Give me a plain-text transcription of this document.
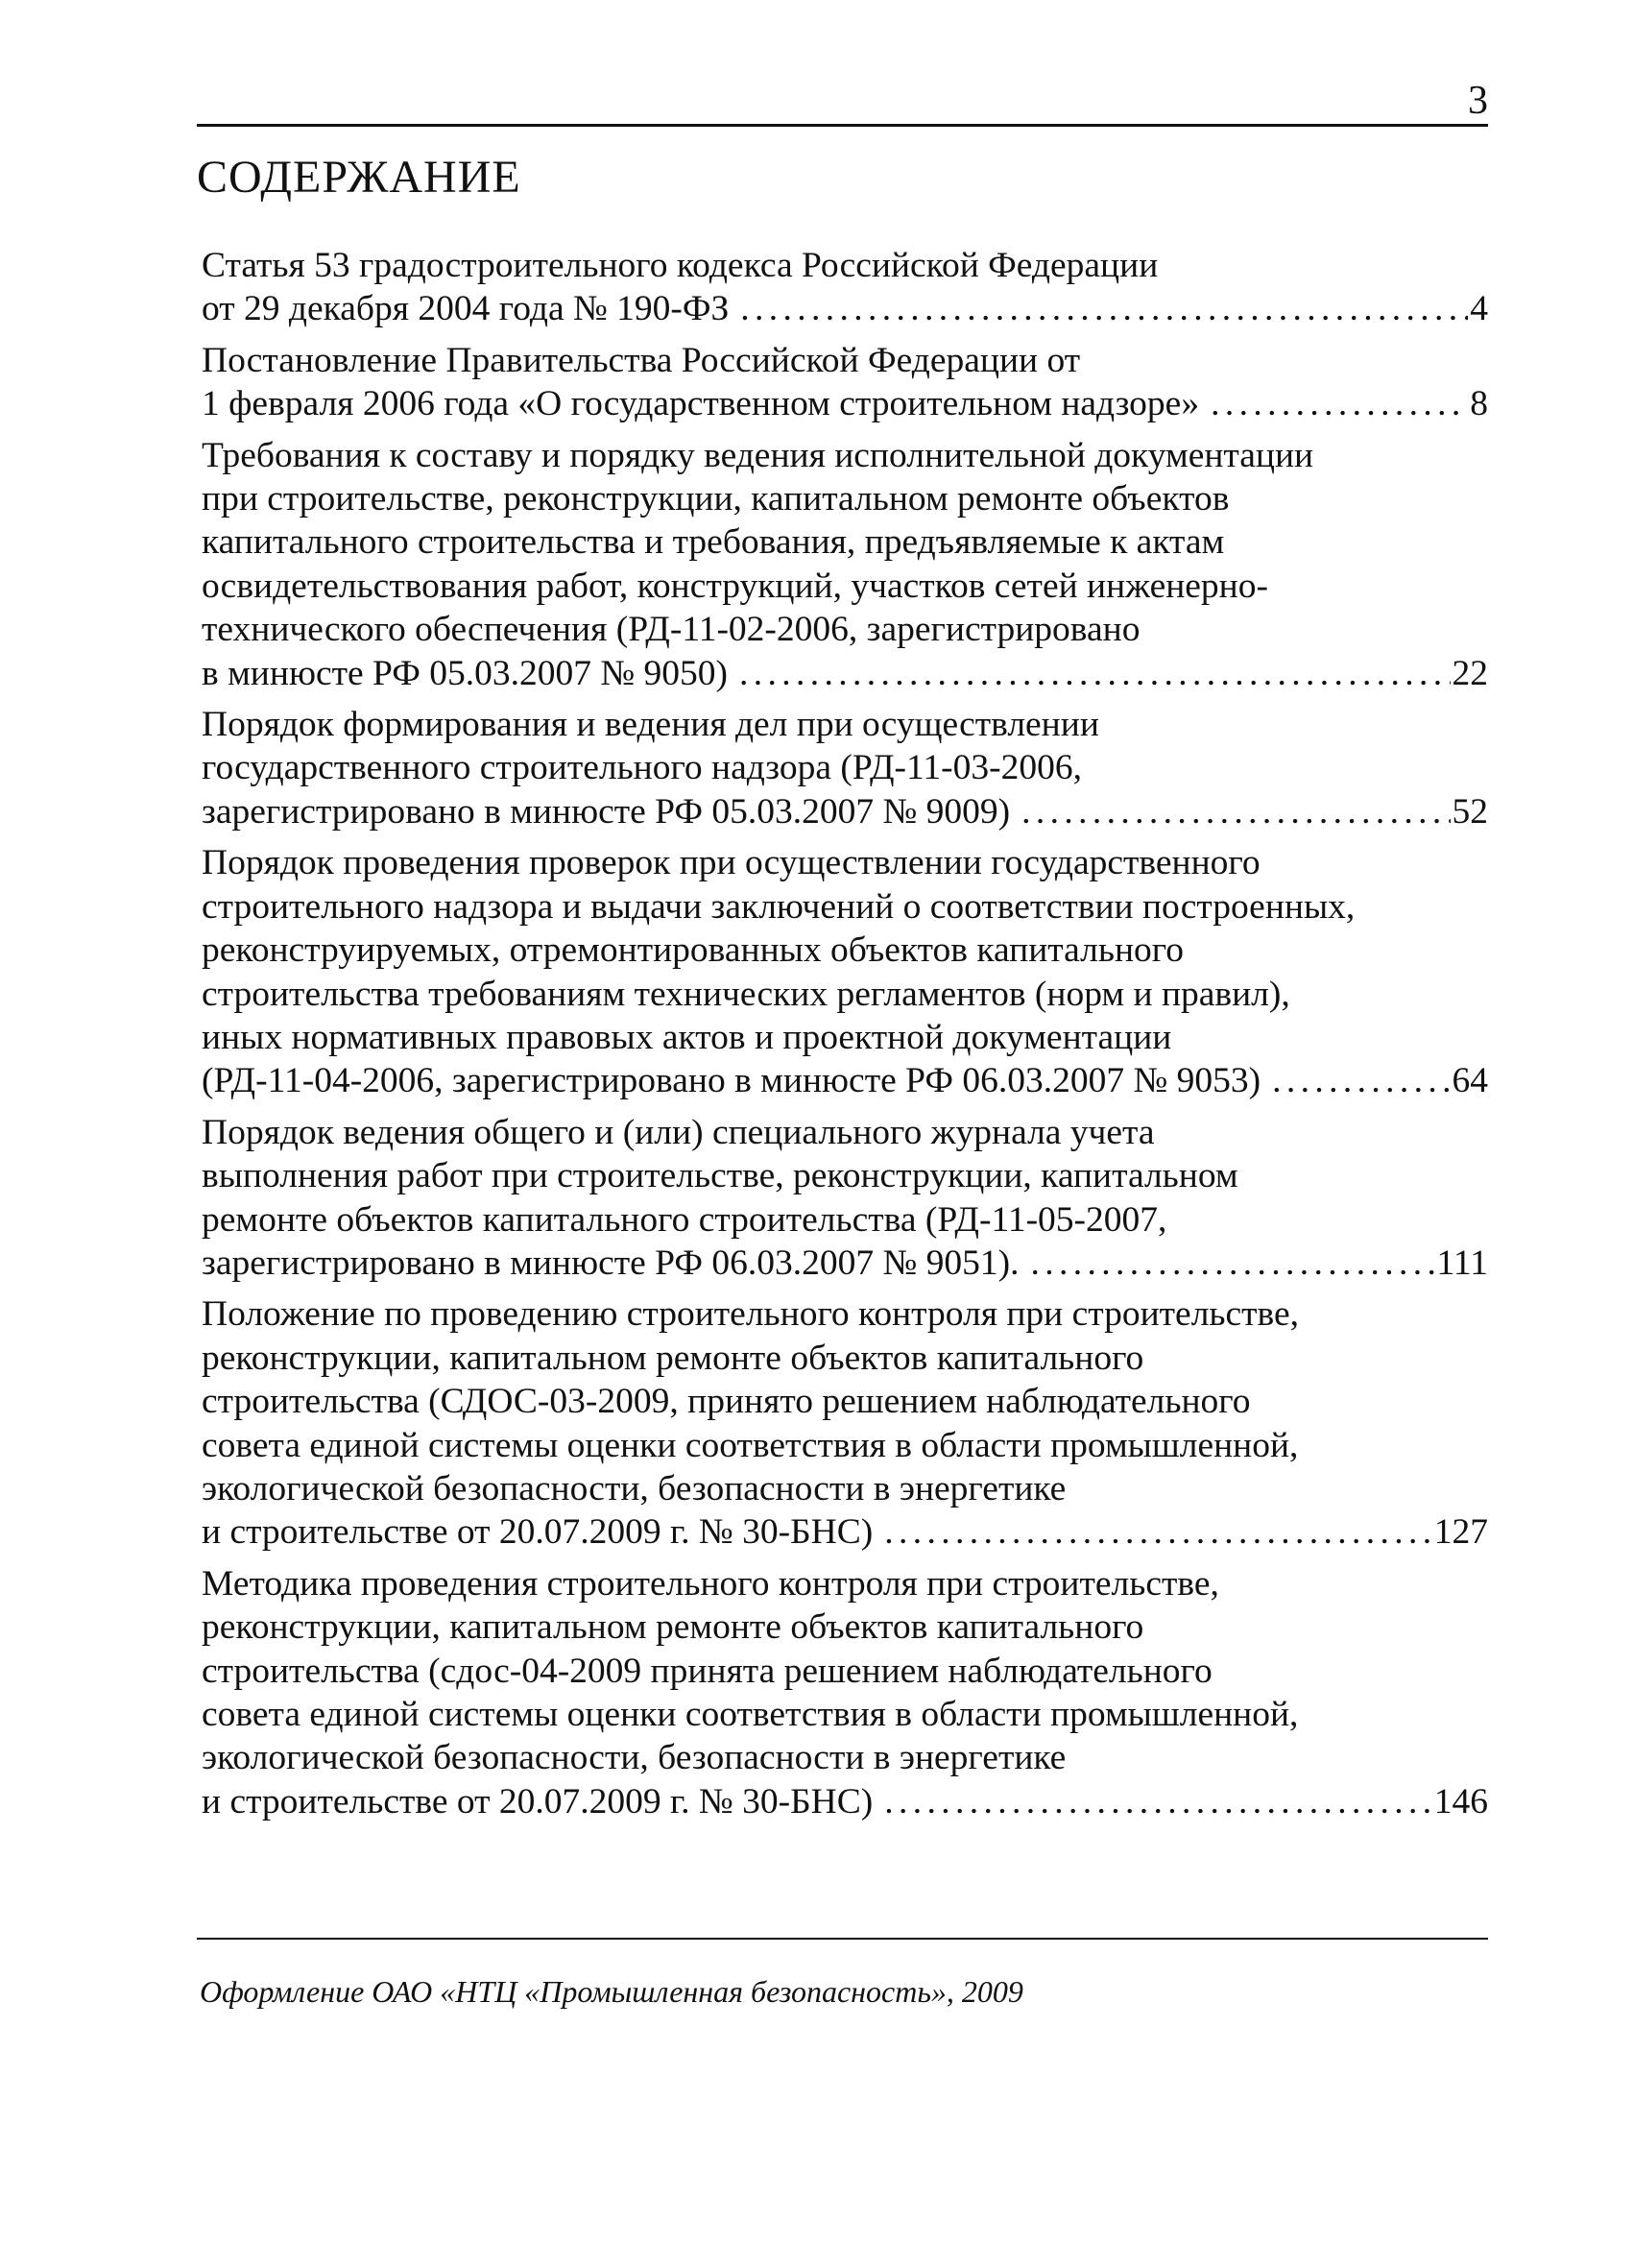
3
СОДЕРЖАНИЕ
Статья 53 градостроительного кодекса Российской Федерации
от 29 декабря 2004 года № 190-ФЗ . . .	4
Постановление Правительства Российской Федерации от
1 февраля 2006 года «О государственном строительном надзоре» . . .	8
Требования к составу и порядку ведения исполнительной документации
при строительстве, реконструкции, капитальном ремонте объектов
капитального строительства и требования, предъявляемые к актам
освидетельствования работ, конструкций, участков сетей инженерно-
технического обеспечения (РД-11-02-2006, зарегистрировано
в минюсте РФ 05.03.2007 № 9050) . . .	22
Порядок формирования и ведения дел при осуществлении
государственного строительного надзора (РД-11-03-2006,
зарегистрировано в минюсте РФ 05.03.2007 № 9009) . . .	52
Порядок проведения проверок при осуществлении государственного
строительного надзора и выдачи заключений о соответствии построенных,
реконструируемых, отремонтированных объектов капитального
строительства требованиям технических регламентов (норм и правил),
иных нормативных правовых актов и проектной документации
(РД-11-04-2006, зарегистрировано в минюсте РФ 06.03.2007 № 9053) . . .	64
Порядок ведения общего и (или) специального журнала учета
выполнения работ при строительстве, реконструкции, капитальном
ремонте объектов капитального строительства (РД-11-05-2007,
зарегистрировано в минюсте РФ 06.03.2007 № 9051). . . .	111
Положение по проведению строительного контроля при строительстве,
реконструкции, капитальном ремонте объектов капитального
строительства (СДОС-03-2009, принято решением наблюдательного
совета единой системы оценки соответствия в области промышленной,
экологической безопасности, безопасности в энергетике
и строительстве от 20.07.2009 г. № 30-БНС) . . .	127
Методика проведения строительного контроля при строительстве,
реконструкции, капитальном ремонте объектов капитального
строительства (сдос-04-2009 принята решением наблюдательного
совета единой системы оценки соответствия в области промышленной,
экологической безопасности, безопасности в энергетике
и строительстве от 20.07.2009 г. № 30-БНС) . . .	146
Оформление ОАО «НТЦ «Промышленная безопасность», 2009
